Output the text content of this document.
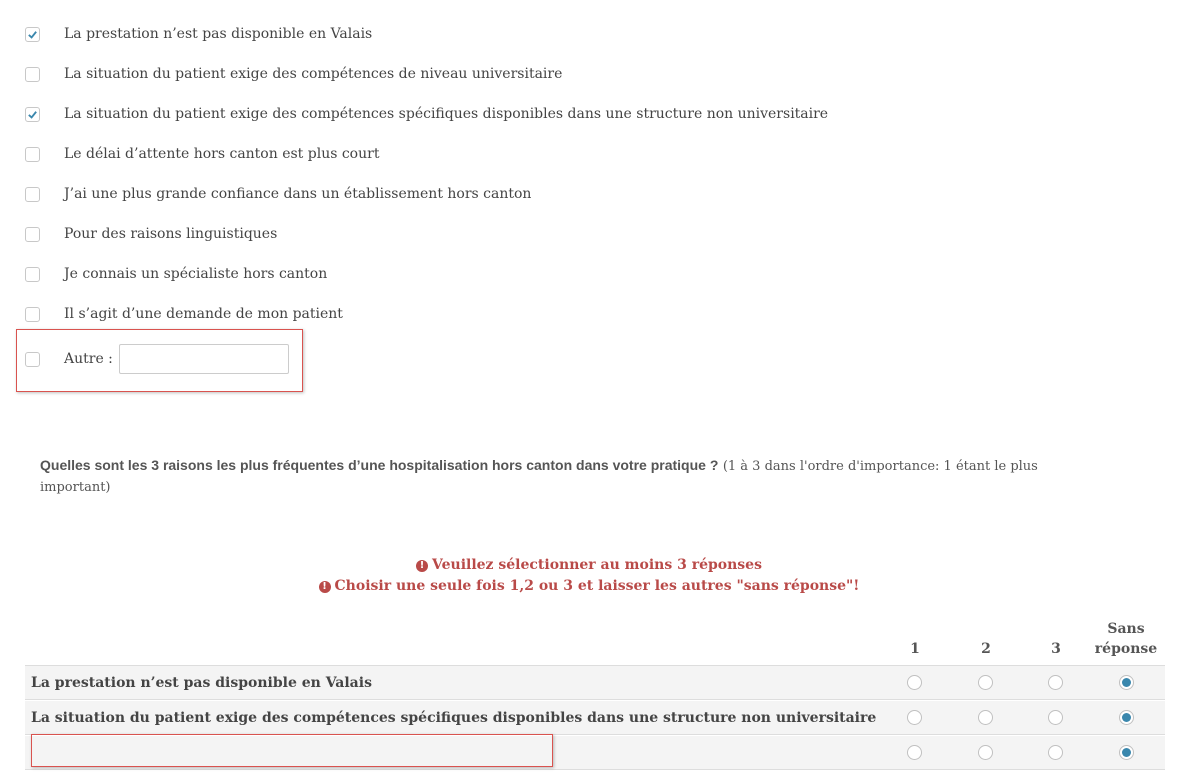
La prestation n’est pas disponible en Valais
La situation du patient exige des compétences de niveau universitaire
La situation du patient exige des compétences spécifiques disponibles dans une structure non universitaire
Le délai d’attente hors canton est plus court
J’ai une plus grande confiance dans un établissement hors canton
Pour des raisons linguistiques
Je connais un spécialiste hors canton
Il s’agit d’une demande de mon patient
Autre :
Quelles sont les 3 raisons les plus fréquentes d’une hospitalisation hors canton dans votre pratique ? (1 à 3 dans l'ordre d'importance: 1 étant le plus important)
! Veuillez sélectionner au moins 3 réponses
! Choisir une seule fois 1,2 ou 3 et laisser les autres "sans réponse"!
1	2	3
Sans réponse
La prestation n’est pas disponible en Valais
La situation du patient exige des compétences spécifiques disponibles dans une structure non universitaire
